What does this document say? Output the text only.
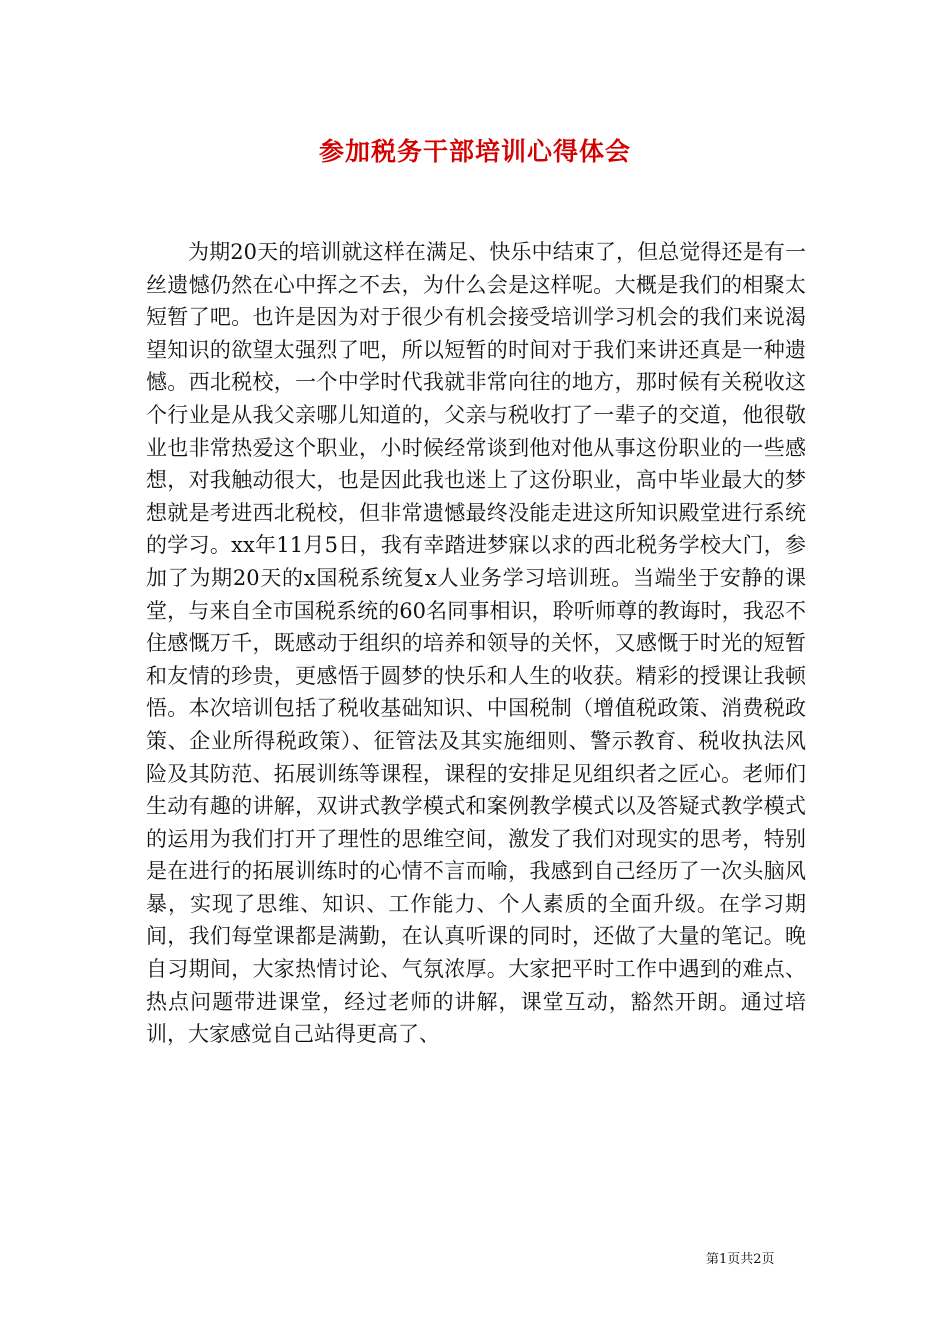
参加税务干部培训心得体会
为期20天的培训就这样在满足、快乐中结束了，但总觉得还是有一丝遗憾仍然在心中挥之不去，为什么会是这样呢。大概是我们的相聚太短暂了吧。也许是因为对于很少有机会接受培训学习机会的我们来说渴望知识的欲望太强烈了吧，所以短暂的时间对于我们来讲还真是一种遗憾。西北税校，一个中学时代我就非常向往的地方，那时候有关税收这个行业是从我父亲哪儿知道的，父亲与税收打了一辈子的交道，他很敬业也非常热爱这个职业，小时候经常谈到他对他从事这份职业的一些感想，对我触动很大，也是因此我也迷上了这份职业，高中毕业最大的梦想就是考进西北税校，但非常遗憾最终没能走进这所知识殿堂进行系统的学习。xx年11月5日，我有幸踏进梦寐以求的西北税务学校大门，参加了为期20天的x国税系统复x人业务学习培训班。当端坐于安静的课堂，与来自全市国税系统的60名同事相识，聆听师尊的教诲时，我忍不住感慨万千，既感动于组织的培养和领导的关怀，又感慨于时光的短暂和友情的珍贵，更感悟于圆梦的快乐和人生的收获。精彩的授课让我顿悟。本次培训包括了税收基础知识、中国税制（增值税政策、消费税政策、企业所得税政策）、征管法及其实施细则、警示教育、税收执法风险及其防范、拓展训练等课程，课程的安排足见组织者之匠心。老师们生动有趣的讲解，双讲式教学模式和案例教学模式以及答疑式教学模式的运用为我们打开了理性的思维空间，激发了我们对现实的思考，特别是在进行的拓展训练时的心情不言而喻，我感到自己经历了一次头脑风暴，实现了思维、知识、工作能力、个人素质的全面升级。在学习期间，我们每堂课都是满勤，在认真听课的同时，还做了大量的笔记。晚自习期间，大家热情讨论、气氛浓厚。大家把平时工作中遇到的难点、热点问题带进课堂，经过老师的讲解，课堂互动，豁然开朗。通过培训，大家感觉自己站得更高了、
第1页共2页
